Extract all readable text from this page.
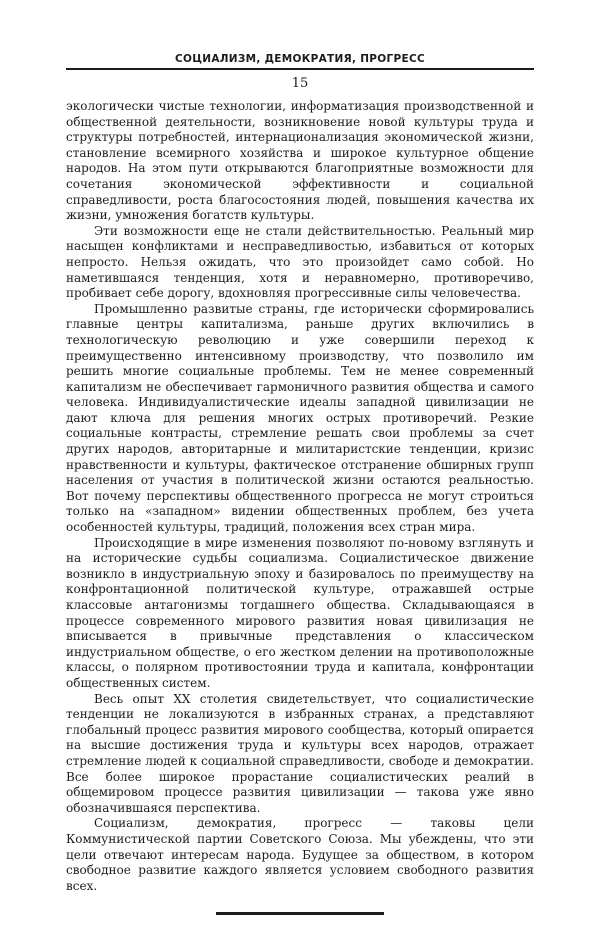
СОЦИАЛИЗМ, ДЕМОКРАТИЯ, ПРОГРЕСС
15

экологически чистые технологии, информатизация производственной и общественной деятельности, возникновение новой культуры труда и структуры потребностей, интернационализация экономической жизни, становление всемирного хозяйства и широкое культурное общение народов. На этом пути открываются благоприятные возможности для сочетания экономической эффективности и социальной справедливости, роста благосостояния людей, повышения качества их жизни, умножения богатств культуры.

Эти возможности еще не стали действительностью. Реальный мир насыщен конфликтами и несправедливостью, избавиться от которых непросто. Нельзя ожидать, что это произойдет само собой. Но наметившаяся тенденция, хотя и неравномерно, противоречиво, пробивает себе дорогу, вдохновляя прогрессивные силы человечества.

Промышленно развитые страны, где исторически сформировались главные центры капитализма, раньше других включились в технологическую революцию и уже совершили переход к преимущественно интенсивному производству, что позволило им решить многие социальные проблемы. Тем не менее современный капитализм не обеспечивает гармоничного развития общества и самого человека. Индивидуалистические идеалы западной цивилизации не дают ключа для решения многих острых противоречий. Резкие социальные контрасты, стремление решать свои проблемы за счет других народов, авторитарные и милитаристские тенденции, кризис нравственности и культуры, фактическое отстранение обширных групп населения от участия в политической жизни остаются реальностью. Вот почему перспективы общественного прогресса не могут строиться только на «западном» видении общественных проблем, без учета особенностей культуры, традиций, положения всех стран мира.

Происходящие в мире изменения позволяют по-новому взглянуть и на исторические судьбы социализма. Социалистическое движение возникло в индустриальную эпоху и базировалось по преимуществу на конфронтационной политической культуре, отражавшей острые классовые антагонизмы тогдашнего общества. Складывающаяся в процессе современного мирового развития новая цивилизация не вписывается в привычные представления о классическом индустриальном обществе, о его жестком делении на противоположные классы, о полярном противостоянии труда и капитала, конфронтации общественных систем.

Весь опыт XX столетия свидетельствует, что социалистические тенденции не локализуются в избранных странах, а представляют глобальный процесс развития мирового сообщества, который опирается на высшие достижения труда и культуры всех народов, отражает стремление людей к социальной справедливости, свободе и демократии. Все более широкое прорастание социалистических реалий в общемировом процессе развития цивилизации — такова уже явно обозначившаяся перспектива.

Социализм, демократия, прогресс — таковы цели Коммунистической партии Советского Союза. Мы убеждены, что эти цели отвечают интересам народа. Будущее за обществом, в котором свободное развитие каждого является условием свободного развития всех.
